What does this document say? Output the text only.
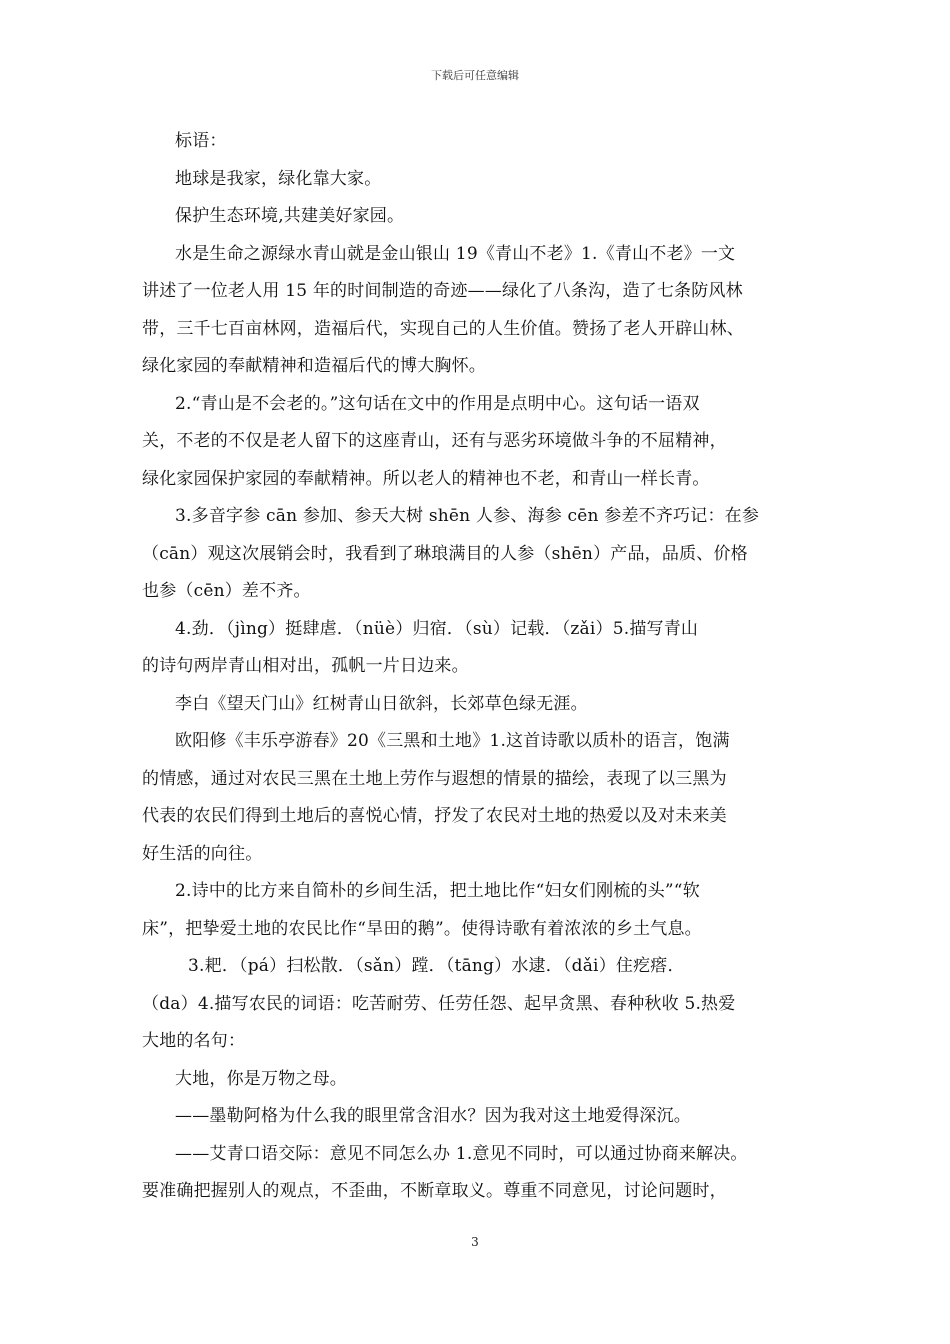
下载后可任意编辑
标语：
地球是我家，绿化靠大家。
保护生态环境,共建美好家园。
水是生命之源绿水青山就是金山银山 19《青山不老》1.《青山不老》一文
讲述了一位老人用 15 年的时间制造的奇迹——绿化了八条沟，造了七条防风林
带，三千七百亩林网，造福后代，实现自己的人生价值。赞扬了老人开辟山林、
绿化家园的奉献精神和造福后代的博大胸怀。
2.“青山是不会老的。”这句话在文中的作用是点明中心。这句话一语双
关，不老的不仅是老人留下的这座青山，还有与恶劣环境做斗争的不屈精神，
绿化家园保护家园的奉献精神。所以老人的精神也不老，和青山一样长青。
3.多音字参 cān 参加、参天大树 shēn 人参、海参 cēn 参差不齐巧记：在参
（cān）观这次展销会时，我看到了琳琅满目的人参（shēn）产品，品质、价格
也参（cēn）差不齐。
4.劲．（jìng）挺肆虐．（nüè）归宿．（sù）记载．（zǎi）5.描写青山
的诗句两岸青山相对出，孤帆一片日边来。
李白《望天门山》红树青山日欲斜，长郊草色绿无涯。
欧阳修《丰乐亭游春》20《三黑和土地》1.这首诗歌以质朴的语言，饱满
的情感，通过对农民三黑在土地上劳作与遐想的情景的描绘，表现了以三黑为
代表的农民们得到土地后的喜悦心情，抒发了农民对土地的热爱以及对未来美
好生活的向往。
2.诗中的比方来自简朴的乡间生活，把土地比作“妇女们刚梳的头”“软
床”，把挚爱土地的农民比作“旱田的鹅”。使得诗歌有着浓浓的乡土气息。
3.耙．（pá）扫松散．（sǎn）蹚．（tāng）水逮．（dǎi）住疙瘩．
（da）4.描写农民的词语：吃苦耐劳、任劳任怨、起早贪黑、春种秋收 5.热爱
大地的名句：
大地，你是万物之母。
——墨勒阿格为什么我的眼里常含泪水？因为我对这土地爱得深沉。
——艾青口语交际：意见不同怎么办 1.意见不同时，可以通过协商来解决。
要准确把握别人的观点，不歪曲，不断章取义。尊重不同意见，讨论问题时，
3
